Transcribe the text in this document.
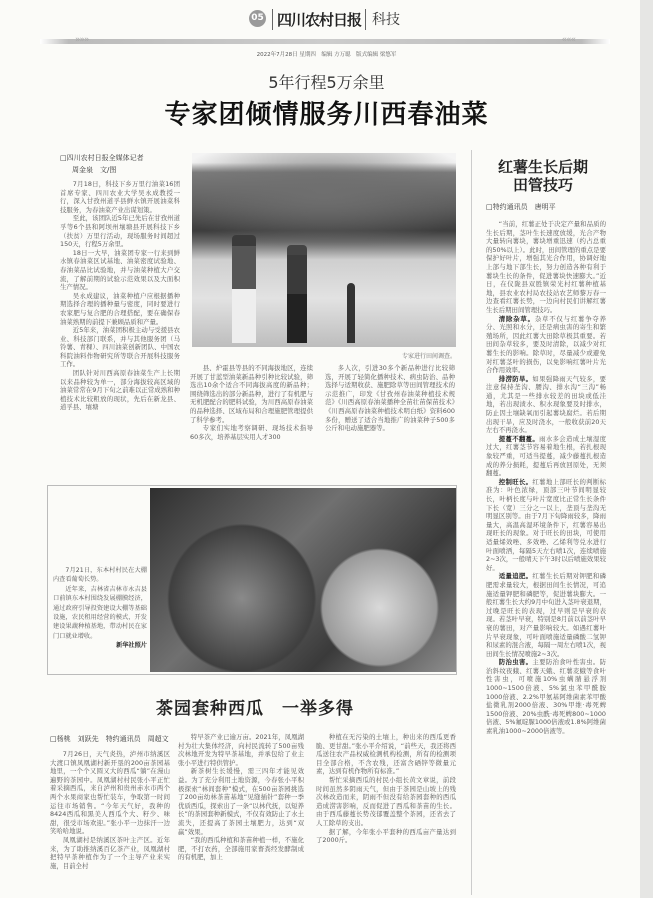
05 四川农村日报 科技
»»» «««
2022年7月28日 星期四　编辑 方万聪　版式编辑 梁悠军
5年行程5万余里
专家团倾情服务川西春油菜
□四川农村日报全媒体记者
周金泉　文/图

7月18日，科技下乡万里行油菜16团首席专家、四川农业大学吴永成教授一行，深入甘孜州道孚县鲜水镇开展油菜科技服务，为春油菜产业出谋划策。

至此，该团队近5年已先后在甘孜州道孚等6个县和阿坝州壤塘县开展科技下乡（扶贫）万里行活动，现场服务时间超过150天，行程5万余里。

18日一大早，油菜团专家一行来到鲜水镇春油菜区试基地、油菜密度试验地、春油菜品比试验地，并与油菜种植大户交流，了解前期的试验示范效果以及大面积生产情况。

吴永成建议，油菜种植户应根据播种期选择合理的播种量与密度，同时要进行农家肥与复合肥的合理搭配，要在确保春油菜熟期的前提下兼顾品质和产量。

近5年来，油菜团积极主动与受援县农业、科技部门联系，并与其他服务团（马铃薯、青稞）、四川油菜创新团队、中国农科院油料作物研究所等联合开展科技服务工作。

团队针对川西高原春油菜生产上长期以来品种较为单一，部分海拔较高区域的油菜常常在9月下旬之前难以正常成熟和种植技术比较粗放的现状，先后在新龙县、道孚县、壤塘

专家进行田间调查。

县、炉霍县等县的不同海拔地区，连续开展了甘蓝型油菜新品种引种比较试验，筛选出10余个适合不同海拔高度的新品种；围绕筛选出的部分新品种，进行了有机肥与无机肥配合的肥料试验，为川西高原春油菜的品种选择、区域布局和合理施肥管理提供了科学参考。

专家们实地考察调研、现场技术指导60多次，培养基层实用人才300

多人次，引进30多个新品种进行比较筛选，开展了轻简化播种技术、病虫防治、品种选择与适期收获、施肥除草等田间管理技术的示范推广，印发《甘孜州春油菜种植技术规范》《川西高原春油菜播种全苗壮苗保苗技术》《川西高原春油菜种植技术明白纸》资料600多份，赠送了适合当地推广的油菜种子500多公斤和电动施肥器等。

红薯生长后期
田管技巧
□特约通讯员　唐明平

“当前，红薯正处于决定产量和品质的生长后期，茎叶生长速度放缓，光合产物大量转向薯块，薯块增重迅速（约占总重的50%以上）。此时，田间管理的重点是要保护好叶片，增强其光合作用，协调好地上部与地下部生长，努力创造各种有利于薯块生长的条件，促进薯块快速膨大。”近日，在仪陇县双胜镇荣光村红薯种植基地，县农业农村局农技站农艺师黎万春一边查看红薯长势，一边向村民们讲解红薯生长后期田间管理技巧。

清除杂草。杂草不仅与红薯争夺养分、光照和水分，还是病虫害的寄生和繁殖场所，因此红薯大田除草极其重要。若田间杂草较多，要及时清除，以减少对红薯生长的影响。除草时，尽量减少或避免对红薯茎叶的损伤，以免影响红薯叶片光合作用效率。

排涝防旱。如果强降雨天气较多，要注意保持垄沟、腰沟、排水沟“三沟”畅通，尤其是一些排水较差的田块或低洼地，若出现渍水、积水现象要及时排水，防止因土壤缺氧而引起薯块腐烂。若后期出现干旱，应及时浇水，一般收获前20天左右不再浇水。

提蔓不翻蔓。雨水多会造成土壤湿度过大，红薯茎节容易着地生根，若扎根现象较严重，可适当提蔓，减少藤蔓扎根造成的养分损耗，提蔓后再放回原处，无须翻蔓。

控制旺长。红薯地上部旺长的判断标准为：叶色浓绿，顶部三叶节间明显较长，叶柄长度与叶片宽度比正常生长条件下长（宽）三分之一以上，垄顶与垄沟无明显区别等。由于7月下旬降雨较多，降雨量大，高温高湿环境条件下，红薯容易出现旺长的现象。对于旺长的田块，可使用适量烯效唑、多效唑、乙烯利等兑水进行叶面喷洒，每隔5天左右喷1次，连续喷施2~3次，一般晴天下午3时以后喷施效果较好。

适量追肥。红薯生长后期对钾肥和磷肥需求量较大，根据田间生长情况，可追施适量钾肥和磷肥等，促进薯块膨大。一般红薯生长大约9月中旬进入茎叶衰退期，过晚是旺长的表现，过早则是早衰的表现。若茎叶早衰，特别是8月前以前茎叶早衰的薯田，对产量影响较大。如遇红薯叶片早衰现象，可叶面喷施适量磷酸二氢钾和尿素的混合液，每隔一周左右喷1次，视田间生长情况喷施2~3次。

防治虫害。主要防治食叶性害虫。防治斜纹夜蛾、红薯天蛾、红薯麦蛾等食叶性害虫，可喷施10%虫螨腈悬浮剂1000~1500倍液、5%氯虫苯甲酰胺1000倍液、2.2%甲氨基阿维菌素苯甲酸盐微乳剂2000倍液、30%甲维·毒死蜱1500倍液、20%虫酰·毒死蜱800~1000倍液、5%氟啶脲1000倍液或1.8%阿维菌素乳油1000~2000倍液等。

7月21日，东本村村民在大棚内查看葡萄长势。

近年来，吉林省吉林市永吉县口前镇东本村围绕发展棚膜经济，通过政府引导投资建设大棚等基础设施，农民租用经营的模式，开发建设果蔬种植基地，带动村民在家门口就业增收。

新华社照片

茶园套种西瓜　一举多得
□杨桃　刘跃先　特约通讯员　周超文

7月26日，天气炎热，泸州市纳溪区大渡口镇凤凰湖村新开垦的200亩茶园基地里，一个个又圆又大的西瓜“躺”在漫山遍野的茶园中。凤凰湖村村民张小平正忙着采摘西瓜，来自泸州和贵州赤水市两个两个水果商家也帮忙装车，争取第一时间运往市场销售。“今年天气好，我种的8424西瓜和黑美人西瓜个大、籽少、味甜，很受市场欢迎。”张小平一边抹汗一边笑哈哈地说。

凤凰湖村是纳溪区茶叶主产区。近年来，为了助推纳溪百亿茶产业，凤凰湖村把特早茶种植作为了一个主导产业来实施，目前全村

特早茶产业已逾万亩。2021年，凤凰湖村为壮大集体经济，向村民流转了500亩残次林地开发为特早茶基地，并承包给了业主张小平进行特供管护。

新茶树生长缓慢，需三四年才能见效益。为了充分利用土地资源，今春张小平积极探索“林间套种”模式，在500亩茶园挑选了200亩幼林茶苗基地“见缝插针”套种一季优质西瓜，探索出了一条“以林代抚，以短养长”的茶园套种新模式，不仅有效防止了水土流失，还提高了茶园土壤肥力，达到“双赢”效果。

“我的西瓜种植和茶苗种植一样，不施化肥，不打农药，全部施用家畜粪经发酵制成的有机肥，加上

种植在无污染的土壤上，种出来的西瓜更香脆、更甘甜。”张小平介绍说，“前些天，我还将西瓜送往农产品权威检测机构检测，所有的检测项目全部合格，不含农残，还富含硒锌等微量元素，达到有机作物所有标准。”

帮忙采摘西瓜的村民小组长黄文章说，前段时间虽然多阴雨天气，但由于茶园是山坡上的残次林改造而来，阴雨不但没有给茶园套种的西瓜造成涝害影响，反而促进了西瓜和茶苗的生长。由于西瓜藤蔓长势茂郁覆盖整个茶园，还省去了人工除草的支出。

据了解，今年张小平套种的西瓜亩产量达到了2000斤。
